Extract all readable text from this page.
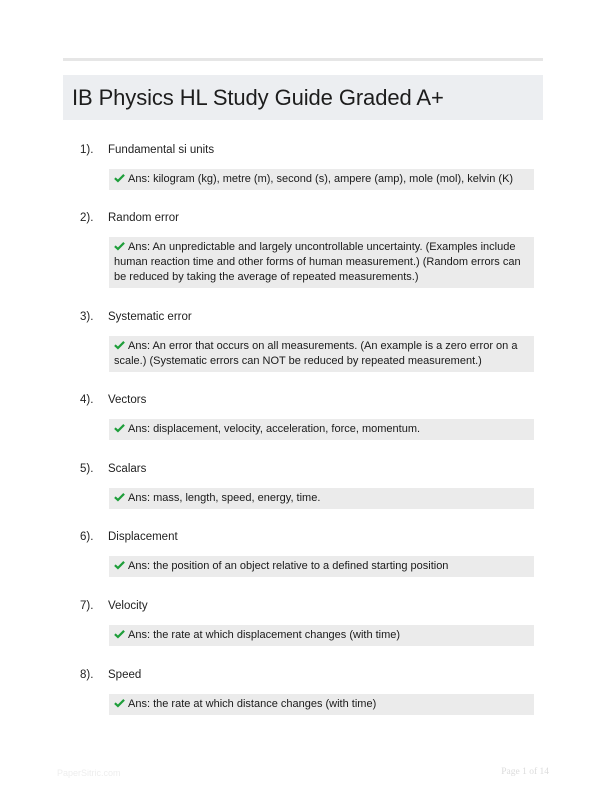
IB Physics HL Study Guide Graded A+
1). Fundamental si units
Ans: kilogram (kg), metre (m), second (s), ampere (amp), mole (mol), kelvin (K)
2). Random error
Ans: An unpredictable and largely uncontrollable uncertainty. (Examples include human reaction time and other forms of human measurement.) (Random errors can be reduced by taking the average of repeated measurements.)
3). Systematic error
Ans: An error that occurs on all measurements. (An example is a zero error on a scale.) (Systematic errors can NOT be reduced by repeated measurement.)
4). Vectors
Ans: displacement, velocity, acceleration, force, momentum.
5). Scalars
Ans: mass, length, speed, energy, time.
6). Displacement
Ans: the position of an object relative to a defined starting position
7). Velocity
Ans: the rate at which displacement changes (with time)
8). Speed
Ans: the rate at which distance changes (with time)
PaperSitric.com	Page 1 of 14
